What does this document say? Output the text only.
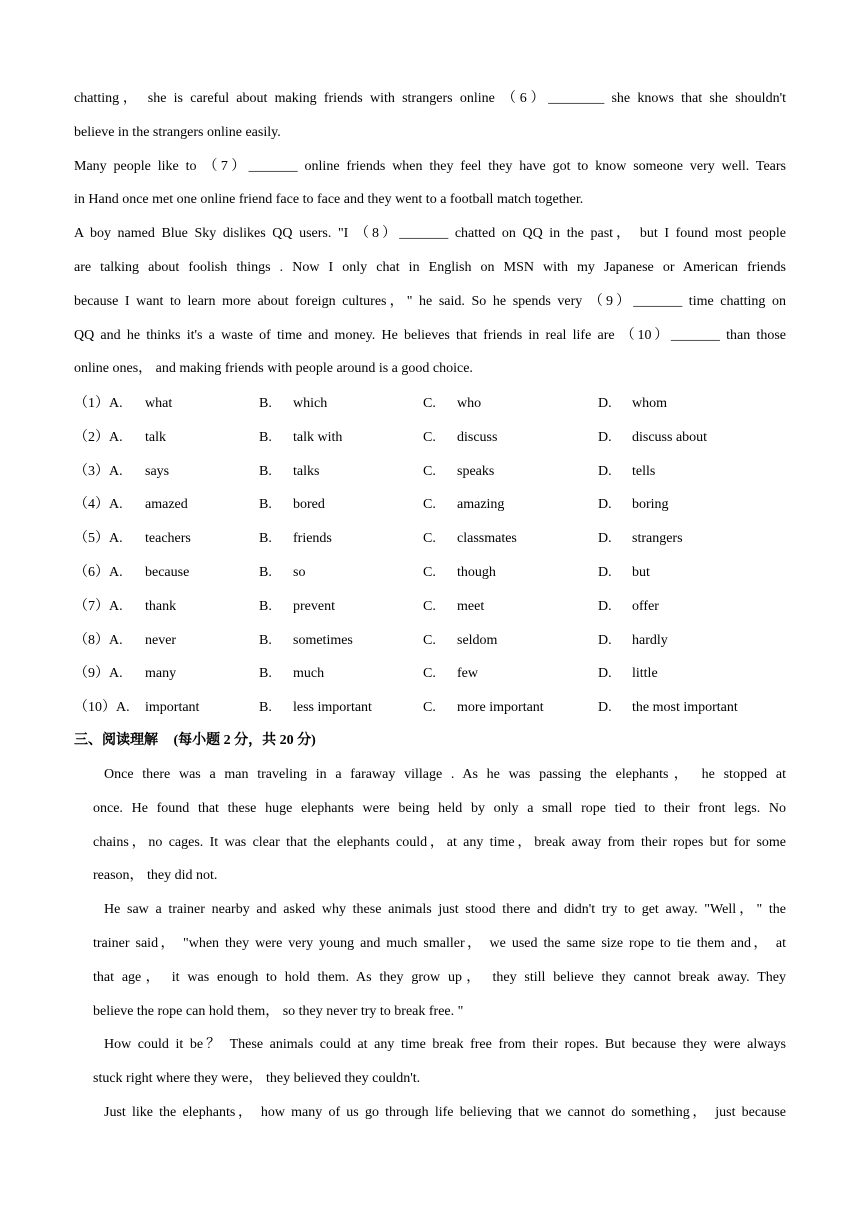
chatting， she is careful about making friends with strangers online （6）________ she knows that she shouldn't
believe in the strangers online easily.
Many people like to （7）_______ online friends when they feel they have got to know someone very well. Tears
in Hand once met one online friend face to face and they went to a football match together.
A boy named Blue Sky dislikes QQ users. "I （8）_______ chatted on QQ in the past， but I found most people
are talking about foolish things . Now I only chat in English on MSN with my Japanese or American friends
because I want to learn more about foreign cultures，" he said. So he spends very （9）_______ time chatting on
QQ and he thinks it's a waste of time and money. He believes that friends in real life are （10）_______ than those
online ones， and making friends with people around is a good choice.
（1）A. what	B. which	C. who	D. whom
（2）A. talk	B. talk with	C. discuss	D. discuss about
（3）A. says	B. talks	C. speaks	D. tells
（4）A. amazed	B. bored	C. amazing	D. boring
（5）A. teachers	B. friends	C. classmates	D. strangers
（6）A. because	B. so	C. though	D. but
（7）A. thank	B. prevent	C. meet	D. offer
（8）A. never	B. sometimes	C. seldom	D. hardly
（9）A. many	B. much	C. few	D. little
（10）A. important	B. less important	C. more important	D. the most important
三、阅读理解 (每小题 2 分，共 20 分)
Once there was a man traveling in a faraway village . As he was passing the elephants， he stopped at
once. He found that these huge elephants were being held by only a small rope tied to their front legs. No
chains，no cages. It was clear that the elephants could，at any time，break away from their ropes but for some
reason， they did not.
He saw a trainer nearby and asked why these animals just stood there and didn't try to get away. "Well，" the
trainer said， "when they were very young and much smaller， we used the same size rope to tie them and， at
that age， it was enough to hold them. As they grow up， they still believe they cannot break away. They
believe the rope can hold them， so they never try to break free. "
How could it be？ These animals could at any time break free from their ropes. But because they were always
stuck right where they were， they believed they couldn't.
Just like the elephants， how many of us go through life believing that we cannot do something， just because
